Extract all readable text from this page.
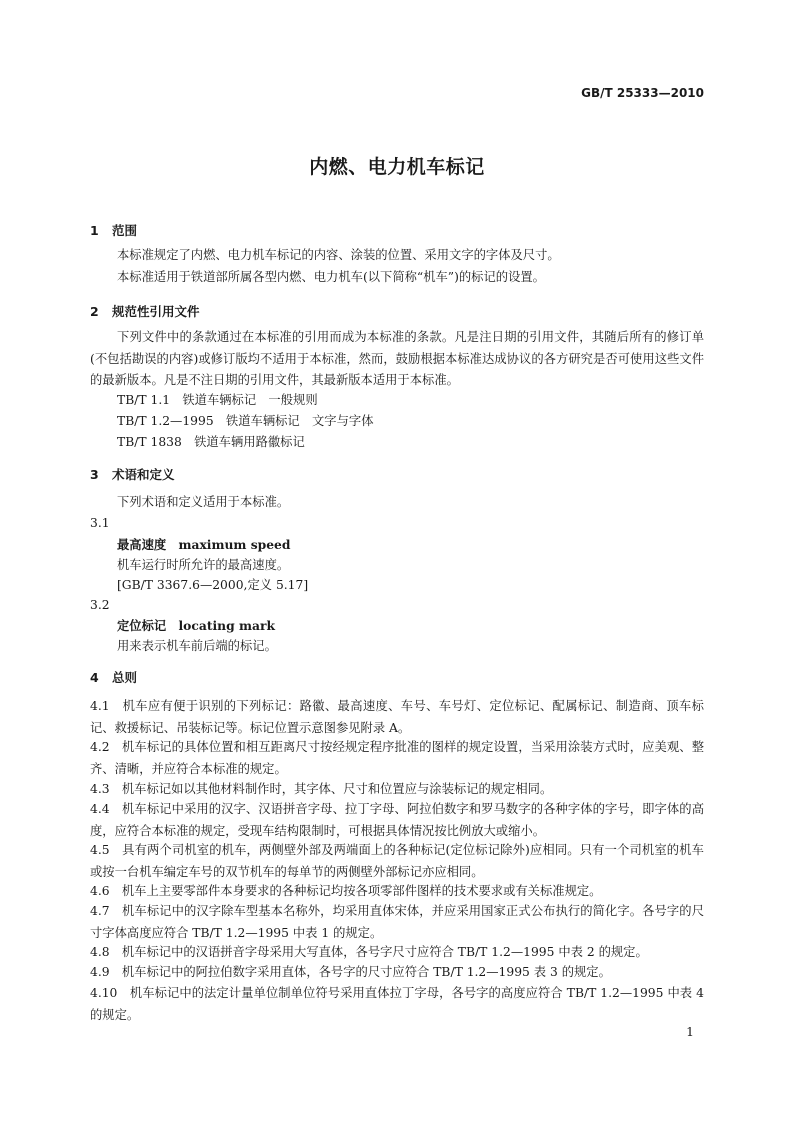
GB/T 25333—2010
内燃、电力机车标记
1 范围
本标准规定了内燃、电力机车标记的内容、涂装的位置、采用文字的字体及尺寸。
本标准适用于铁道部所属各型内燃、电力机车(以下简称“机车”)的标记的设置。
2 规范性引用文件
下列文件中的条款通过在本标准的引用而成为本标准的条款。凡是注日期的引用文件，其随后所有的修订单(不包括勘误的内容)或修订版均不适用于本标准，然而，鼓励根据本标准达成协议的各方研究是否可使用这些文件的最新版本。凡是不注日期的引用文件，其最新版本适用于本标准。
TB/T 1.1　铁道车辆标记　一般规则
TB/T 1.2—1995　铁道车辆标记　文字与字体
TB/T 1838　铁道车辆用路徽标记
3 术语和定义
下列术语和定义适用于本标准。
3.1
最高速度　maximum speed
机车运行时所允许的最高速度。
[GB/T 3367.6—2000,定义 5.17]
3.2
定位标记　locating mark
用来表示机车前后端的标记。
4 总则
4.1　 机车应有便于识别的下列标记：路徽、最高速度、车号、车号灯、定位标记、配属标记、制造商、顶车标记、救援标记、吊装标记等。标记位置示意图参见附录 A。
4.2　 机车标记的具体位置和相互距离尺寸按经规定程序批准的图样的规定设置，当采用涂装方式时，应美观、整齐、清晰，并应符合本标准的规定。
4.3　 机车标记如以其他材料制作时，其字体、尺寸和位置应与涂装标记的规定相同。
4.4　 机车标记中采用的汉字、汉语拼音字母、拉丁字母、阿拉伯数字和罗马数字的各种字体的字号，即字体的高度，应符合本标准的规定，受现车结构限制时，可根据具体情况按比例放大或缩小。
4.5　 具有两个司机室的机车，两侧壁外部及两端面上的各种标记(定位标记除外)应相同。只有一个司机室的机车或按一台机车编定车号的双节机车的每单节的两侧壁外部标记亦应相同。
4.6　 机车上主要零部件本身要求的各种标记均按各项零部件图样的技术要求或有关标准规定。
4.7　 机车标记中的汉字除车型基本名称外，均采用直体宋体，并应采用国家正式公布执行的简化字。各号字的尺寸字体高度应符合 TB/T 1.2—1995 中表 1 的规定。
4.8　 机车标记中的汉语拼音字母采用大写直体，各号字尺寸应符合 TB/T 1.2—1995 中表 2 的规定。
4.9　 机车标记中的阿拉伯数字采用直体，各号字的尺寸应符合 TB/T 1.2—1995 表 3 的规定。
4.10　 机车标记中的法定计量单位制单位符号采用直体拉丁字母，各号字的高度应符合 TB/T 1.2—1995 中表 4 的规定。
1
